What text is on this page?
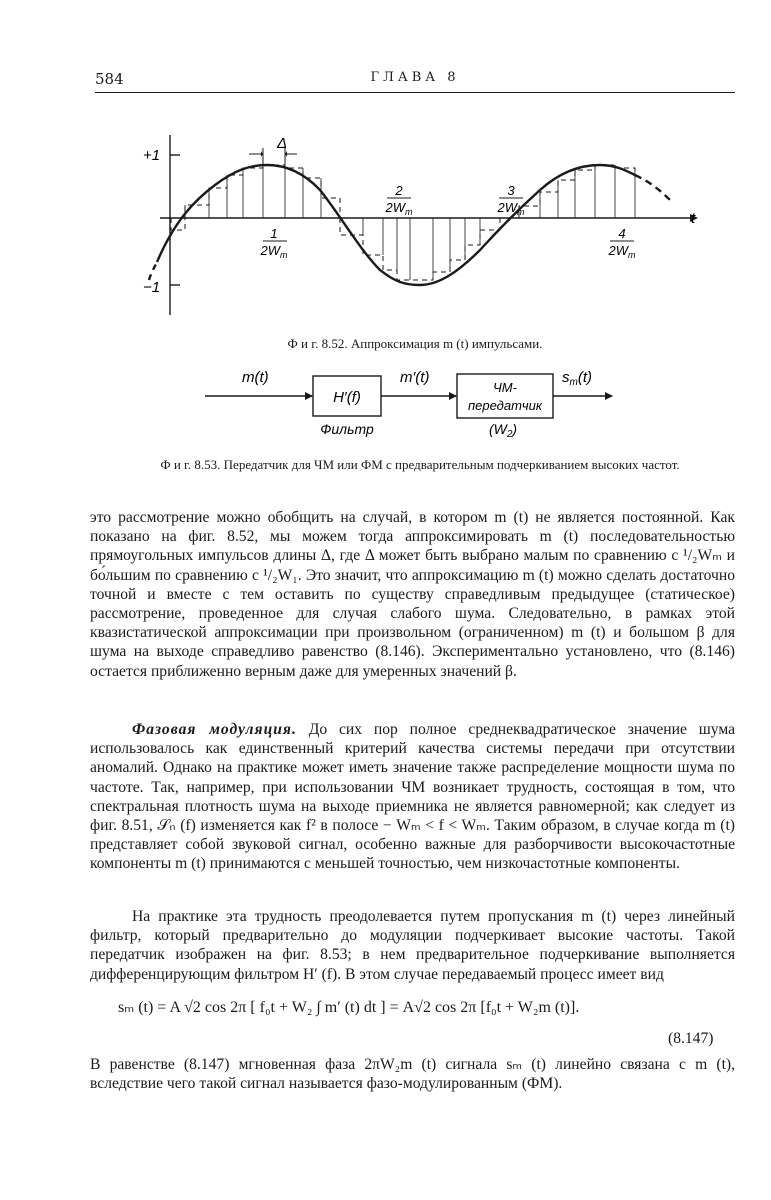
584	ГЛАВА 8
+1
−1
t
Δ
1
$2W_m$
2
$2W_m$
3
$2W_m$
4
$2W_m$
Ф и г. 8.52. Аппроксимация m (t) импульсами.
m(t)
H′(f)
Фильтр
m′(t)
ЧМ-
передатчик
$(W_2)$
$s_m(t)$
Ф и г. 8.53. Передатчик для ЧМ или ФМ с предварительным подчеркиванием высоких частот.

это рассмотрение можно обобщить на случай, в котором m (t) не является постоянной. Как показано на фиг. 8.52, мы можем тогда аппроксимировать m (t) последовательностью прямоугольных импульсов длины Δ, где Δ может быть выбрано малым по сравнению с ¹/₂Wₘ и бо́льшим по сравнению с ¹/₂W₁. Это значит, что аппроксимацию m (t) можно сделать достаточно точной и вместе с тем оставить по существу справедливым предыдущее (статическое) рассмотрение, проведенное для случая слабого шума. Следовательно, в рамках этой квазистатической аппроксимации при произвольном (ограниченном) m (t) и большом β для шума на выходе справедливо равенство (8.146). Экспериментально установлено, что (8.146) остается приближенно верным даже для умеренных значений β.

Фазовая модуляция. До сих пор полное среднеквадратическое значение шума использовалось как единственный критерий качества системы передачи при отсутствии аномалий. Однако на практике может иметь значение также распределение мощности шума по частоте. Так, например, при использовании ЧМ возникает трудность, состоящая в том, что спектральная плотность шума на выходе приемника не является равномерной; как следует из фиг. 8.51, 𝒮ₙ (f) изменяется как f² в полосе − Wₘ < f < Wₘ. Таким образом, в случае когда m (t) представляет собой звуковой сигнал, особенно важные для разборчивости высокочастотные компоненты m (t) принимаются с меньшей точностью, чем низкочастотные компоненты.

На практике эта трудность преодолевается путем пропускания m (t) через линейный фильтр, который предварительно до модуляции подчеркивает высокие частоты. Такой передатчик изображен на фиг. 8.53; в нем предварительное подчеркивание выполняется дифференцирующим фильтром H′ (f). В этом случае передаваемый процесс имеет вид

sₘ (t) = A √2 cos 2π [ f₀t + W₂ ∫ m′ (t) dt ] = A√2 cos 2π [f₀t + W₂m (t)].
(8.147)

В равенстве (8.147) мгновенная фаза 2πW₂m (t) сигнала sₘ (t) линейно связана с m (t), вследствие чего такой сигнал называется фазо-модулированным (ФМ).
